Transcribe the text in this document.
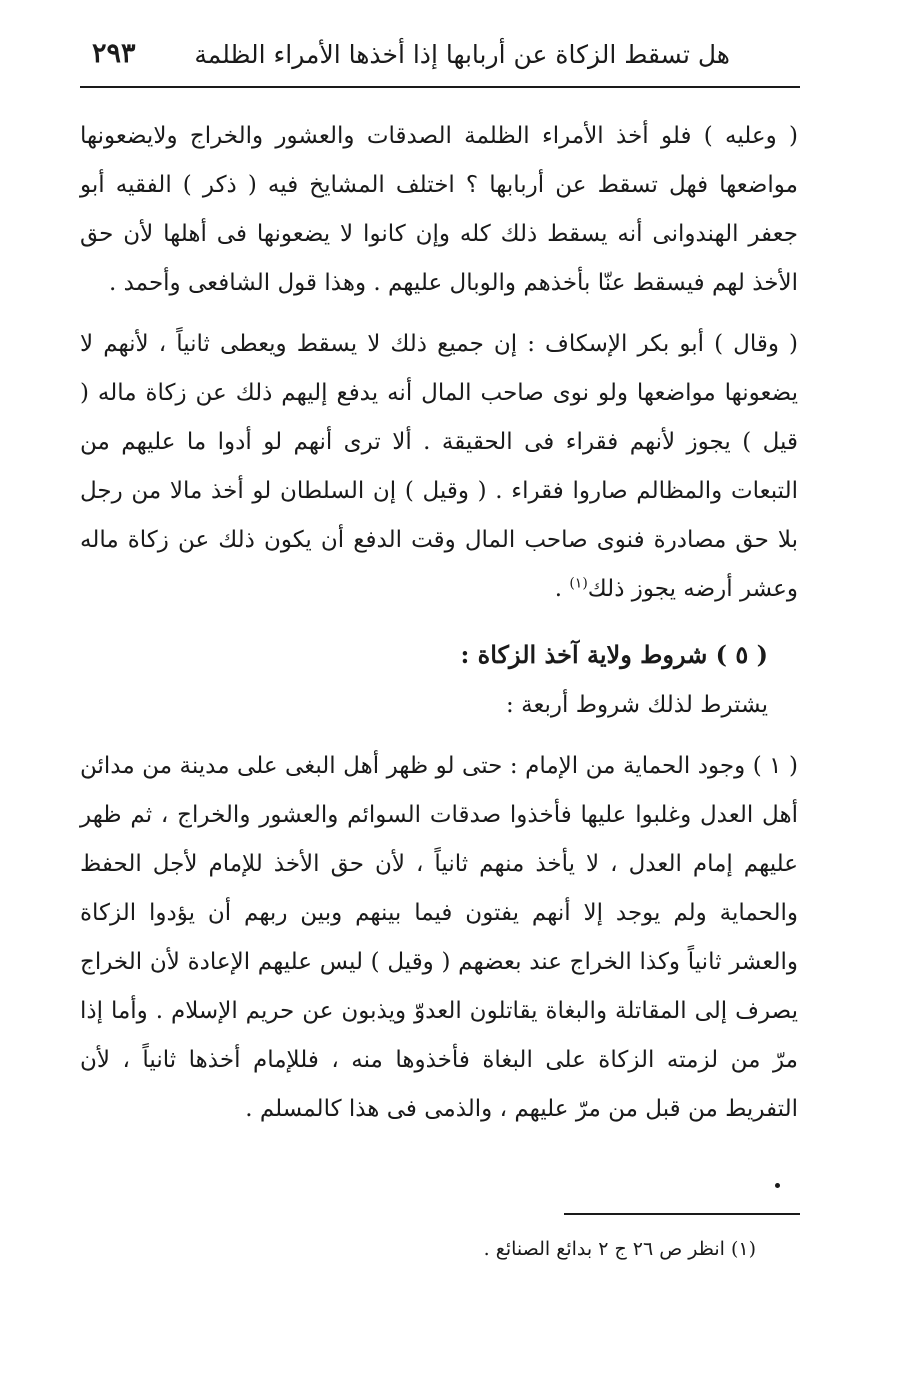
هل تسقط الزكاة عن أربابها إذا أخذها الأمراء الظلمة
٢٩٣

( وعليه ) فلو أخذ الأمراء الظلمة الصدقات والعشور والخراج ولايضعونها مواضعها فهل تسقط عن أربابها ؟ اختلف المشايخ فيه ( ذكر ) الفقيه أبو جعفر الهندوانى أنه يسقط ذلك كله وإن كانوا لا يضعونها فى أهلها لأن حق الأخذ لهم فيسقط عنّا بأخذهم والوبال عليهم . وهذا قول الشافعى وأحمد .

( وقال ) أبو بكر الإسكاف : إن جميع ذلك لا يسقط ويعطى ثانياً ، لأنهم لا يضعونها مواضعها ولو نوى صاحب المال أنه يدفع إليهم ذلك عن زكاة ماله ( قيل ) يجوز لأنهم فقراء فى الحقيقة . ألا ترى أنهم لو أدوا ما عليهم من التبعات والمظالم صاروا فقراء . ( وقيل ) إن السلطان لو أخذ مالا من رجل بلا حق مصادرة فنوى صاحب المال وقت الدفع أن يكون ذلك عن زكاة ماله وعشر أرضه يجوز ذلك$^{(١)}$ .

( ٥ ) شروط ولاية آخذ الزكاة :

يشترط لذلك شروط أربعة :

( ١ ) وجود الحماية من الإمام : حتى لو ظهر أهل البغى على مدينة من مدائن أهل العدل وغلبوا عليها فأخذوا صدقات السوائم والعشور والخراج ، ثم ظهر عليهم إمام العدل ، لا يأخذ منهم ثانياً ، لأن حق الأخذ للإمام لأجل الحفظ والحماية ولم يوجد إلا أنهم يفتون فيما بينهم وبين ربهم أن يؤدوا الزكاة والعشر ثانياً وكذا الخراج عند بعضهم ( وقيل ) ليس عليهم الإعادة لأن الخراج يصرف إلى المقاتلة والبغاة يقاتلون العدوّ ويذبون عن حريم الإسلام . وأما إذا مرّ من لزمته الزكاة على البغاة فأخذوها منه ، فللإمام أخذها ثانياً ، لأن التفريط من قبل من مرّ عليهم ، والذمى فى هذا كالمسلم .

(١) انظر ص ٢٦ ج ٢ بدائع الصنائع .
